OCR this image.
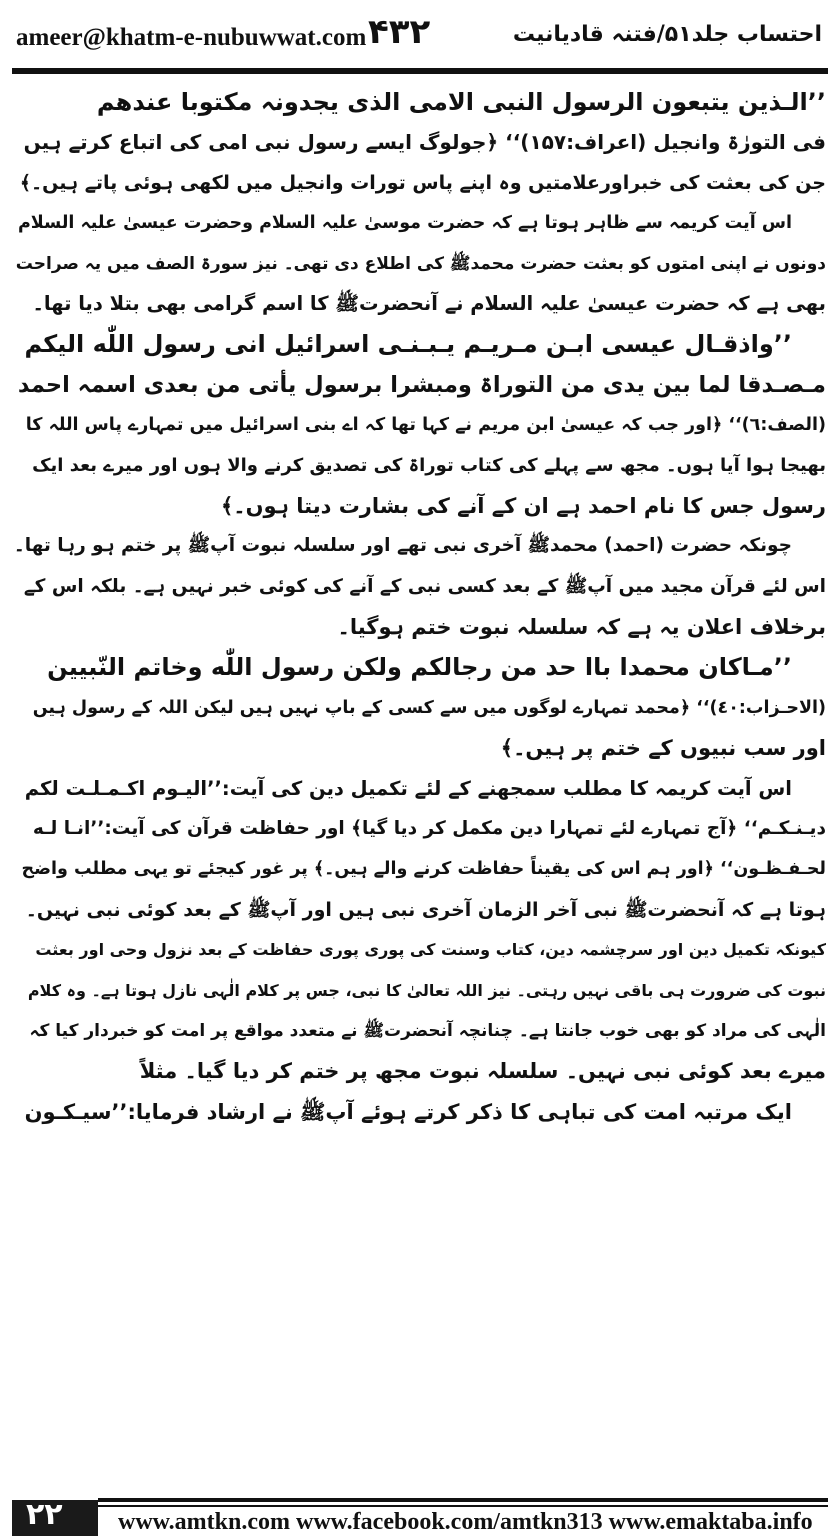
ameer@khatm-e-nubuwwat.com ۴۳۲	احتساب جلد۵۱/فتنہ قادیانیت
’’الـذین یتبعون الرسول النبی الامی الذی یجدونہ مکتوبا عندھم
فی التورٰۃ وانجیل (اعراف:۱۵۷)‘‘ ﴿جولوگ ایسے رسول نبی امی کی اتباع کرتے ہیں
جن کی بعثت کی خبراورعلامتیں وہ اپنے پاس تورات وانجیل میں لکھی ہوئی پاتے ہیں۔﴾
اس آیت کریمہ سے ظاہر ہوتا ہے کہ حضرت موسیٰ علیہ السلام وحضرت عیسیٰ علیہ السلام
دونوں نے اپنی امتوں کو بعثت حضرت محمدﷺ کی اطلاع دی تھی۔ نیز سورۃ الصف میں یہ صراحت
بھی ہے کہ حضرت عیسیٰ علیہ السلام نے آنحضرتﷺ کا اسم گرامی بھی بتلا دیا تھا۔
’’واذقـال عیسی ابـن مـریـم یـبـنـی اسرائیل انی رسول اللّٰه الیکم
مـصـدقا لما بین یدی من التوراۃ ومبشرا برسول یأتی من بعدی اسمہ احمد
(الصف:٦)‘‘ ﴿اور جب کہ عیسیٰ ابن مریم نے کہا تھا کہ اے بنی اسرائیل میں تمہارے پاس اللہ کا
بھیجا ہوا آیا ہوں۔ مجھ سے پہلے کی کتاب توراۃ کی تصدیق کرنے والا ہوں اور میرے بعد ایک
رسول جس کا نام احمد ہے ان کے آنے کی بشارت دیتا ہوں۔﴾
چونکہ حضرت (احمد) محمدﷺ آخری نبی تھے اور سلسلہ نبوت آپﷺ پر ختم ہو رہا تھا۔
اس لئے قرآن مجید میں آپﷺ کے بعد کسی نبی کے آنے کی کوئی خبر نہیں ہے۔ بلکہ اس کے
برخلاف اعلان یہ ہے کہ سلسلہ نبوت ختم ہوگیا۔
’’مـاکان محمدا باا حد من رجالکم ولکن رسول اللّٰه وخاتم النّبیین
(الاحـزاب:٤٠)‘‘ ﴿محمد تمہارے لوگوں میں سے کسی کے باپ نہیں ہیں لیکن اللہ کے رسول ہیں
اور سب نبیوں کے ختم پر ہیں۔﴾
اس آیت کریمہ کا مطلب سمجھنے کے لئے تکمیل دین کی آیت:’’الیـوم اکـمـلـت لکم
دیـنـکـم‘‘ ﴿آج تمہارے لئے تمہارا دین مکمل کر دیا گیا﴾ اور حفاظت قرآن کی آیت:’’انـا لـه
لحـفـظـون‘‘ ﴿اور ہم اس کی یقیناً حفاظت کرنے والے ہیں۔﴾ پر غور کیجئے تو یہی مطلب واضح
ہوتا ہے کہ آنحضرتﷺ نبی آخر الزمان آخری نبی ہیں اور آپﷺ کے بعد کوئی نبی نہیں۔
کیونکہ تکمیل دین اور سرچشمہ دین، کتاب وسنت کی پوری پوری حفاظت کے بعد نزول وحی اور بعثت
نبوت کی ضرورت ہی باقی نہیں رہتی۔ نیز اللہ تعالیٰ کا نبی، جس پر کلام الٰہی نازل ہوتا ہے۔ وہ کلام
الٰہی کی مراد کو بھی خوب جانتا ہے۔ چنانچہ آنحضرتﷺ نے متعدد مواقع پر امت کو خبردار کیا کہ
میرے بعد کوئی نبی نہیں۔ سلسلہ نبوت مجھ پر ختم کر دیا گیا۔ مثلاً
ایک مرتبہ امت کی تباہی کا ذکر کرتے ہوئے آپﷺ نے ارشاد فرمایا:’’سیـکـون
۲۲ www.amtkn.com www.facebook.com/amtkn313 www.emaktaba.info
